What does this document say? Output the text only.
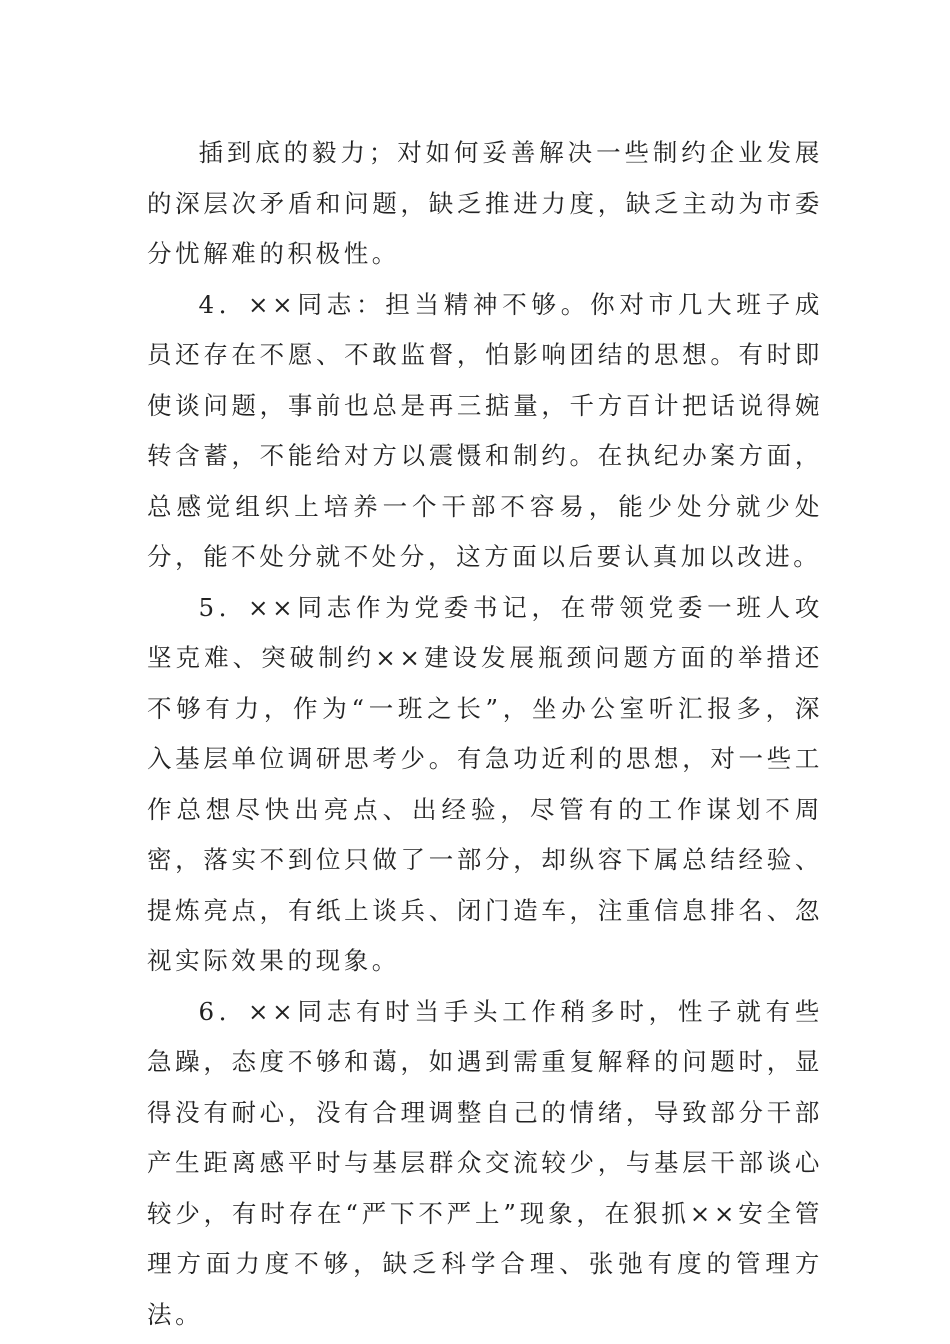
插到底的毅力；对如何妥善解决一些制约企业发展的深层次矛盾和问题，缺乏推进力度，缺乏主动为市委分忧解难的积极性。

4．××同志：担当精神不够。你对市几大班子成员还存在不愿、不敢监督，怕影响团结的思想。有时即使谈问题，事前也总是再三掂量，千方百计把话说得婉转含蓄，不能给对方以震慑和制约。在执纪办案方面，总感觉组织上培养一个干部不容易，能少处分就少处分，能不处分就不处分，这方面以后要认真加以改进。

5．××同志作为党委书记，在带领党委一班人攻坚克难、突破制约××建设发展瓶颈问题方面的举措还不够有力，作为“一班之长”，坐办公室听汇报多，深入基层单位调研思考少。有急功近利的思想，对一些工作总想尽快出亮点、出经验，尽管有的工作谋划不周密，落实不到位只做了一部分，却纵容下属总结经验、提炼亮点，有纸上谈兵、闭门造车，注重信息排名、忽视实际效果的现象。

6．××同志有时当手头工作稍多时，性子就有些急躁，态度不够和蔼，如遇到需重复解释的问题时，显得没有耐心，没有合理调整自己的情绪，导致部分干部产生距离感平时与基层群众交流较少，与基层干部谈心较少，有时存在“严下不严上”现象，在狠抓××安全管理方面力度不够，缺乏科学合理、张弛有度的管理方法。
